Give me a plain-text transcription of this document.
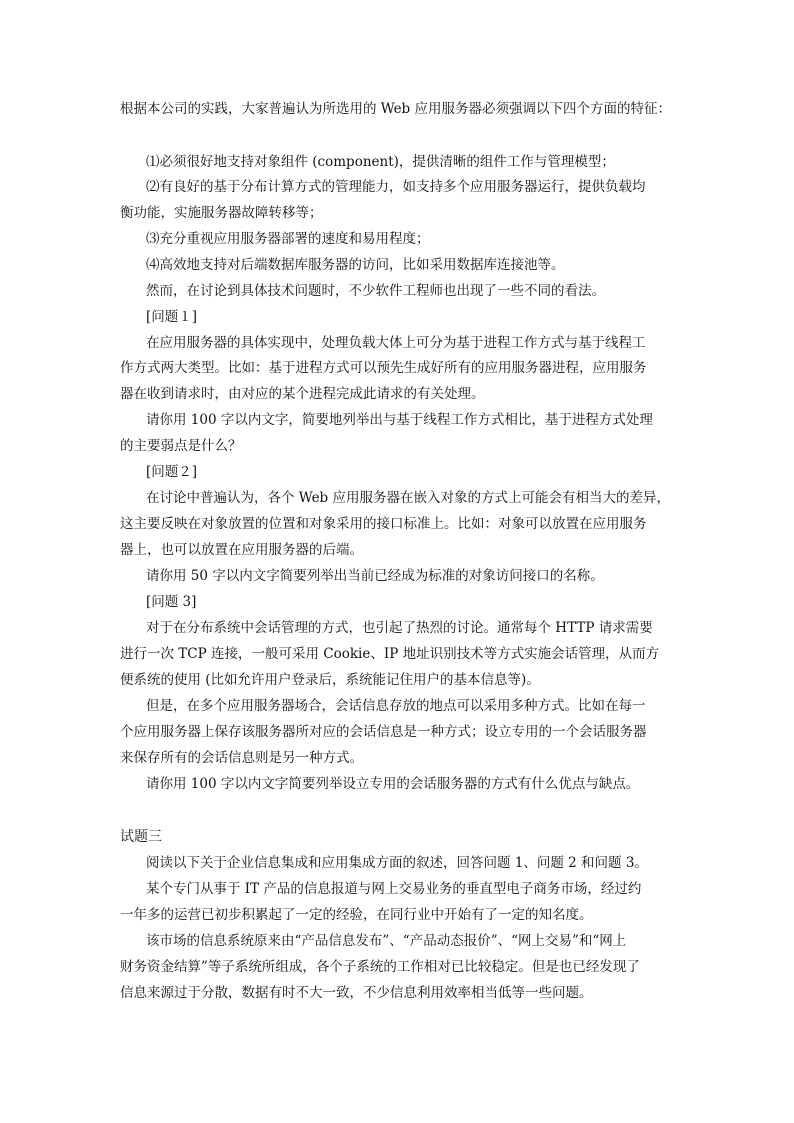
根据本公司的实践，大家普遍认为所选用的 Web 应用服务器必须强调以下四个方面的特征：
⑴必须很好地支持对象组件 (component)，提供清晰的组件工作与管理模型；
⑵有良好的基于分布计算方式的管理能力，如支持多个应用服务器运行，提供负载均
衡功能，实施服务器故障转移等；
⑶充分重视应用服务器部署的速度和易用程度；
⑷高效地支持对后端数据库服务器的访问，比如采用数据库连接池等。
然而，在讨论到具体技术问题时，不少软件工程师也出现了一些不同的看法。
[问题１]
在应用服务器的具体实现中，处理负载大体上可分为基于进程工作方式与基于线程工
作方式两大类型。比如：基于进程方式可以预先生成好所有的应用服务器进程，应用服务
器在收到请求时，由对应的某个进程完成此请求的有关处理。
请你用 100 字以内文字，简要地列举出与基于线程工作方式相比，基于进程方式处理
的主要弱点是什么？
[问题２]
在讨论中普遍认为，各个 Web 应用服务器在嵌入对象的方式上可能会有相当大的差异，
这主要反映在对象放置的位置和对象采用的接口标准上。比如：对象可以放置在应用服务
器上，也可以放置在应用服务器的后端。
请你用 50 字以内文字简要列举出当前已经成为标准的对象访问接口的名称。
[问题 3]
对于在分布系统中会话管理的方式，也引起了热烈的讨论。通常每个 HTTP 请求需要
进行一次 TCP 连接，一般可采用 Cookie、IP 地址识别技术等方式实施会话管理，从而方
便系统的使用 (比如允许用户登录后，系统能记住用户的基本信息等)。
但是，在多个应用服务器场合，会话信息存放的地点可以采用多种方式。比如在每一
个应用服务器上保存该服务器所对应的会话信息是一种方式；设立专用的一个会话服务器
来保存所有的会话信息则是另一种方式。
请你用 100 字以内文字简要列举设立专用的会话服务器的方式有什么优点与缺点。
试题三
阅读以下关于企业信息集成和应用集成方面的叙述，回答问题 1、问题 2 和问题 3。
某个专门从事于 IT 产品的信息报道与网上交易业务的垂直型电子商务市场，经过约
一年多的运营已初步积累起了一定的经验，在同行业中开始有了一定的知名度。
该市场的信息系统原来由“产品信息发布”、“产品动态报价”、“网上交易”和“网上
财务资金结算”等子系统所组成，各个子系统的工作相对已比较稳定。但是也已经发现了
信息来源过于分散，数据有时不大一致，不少信息利用效率相当低等一些问题。
